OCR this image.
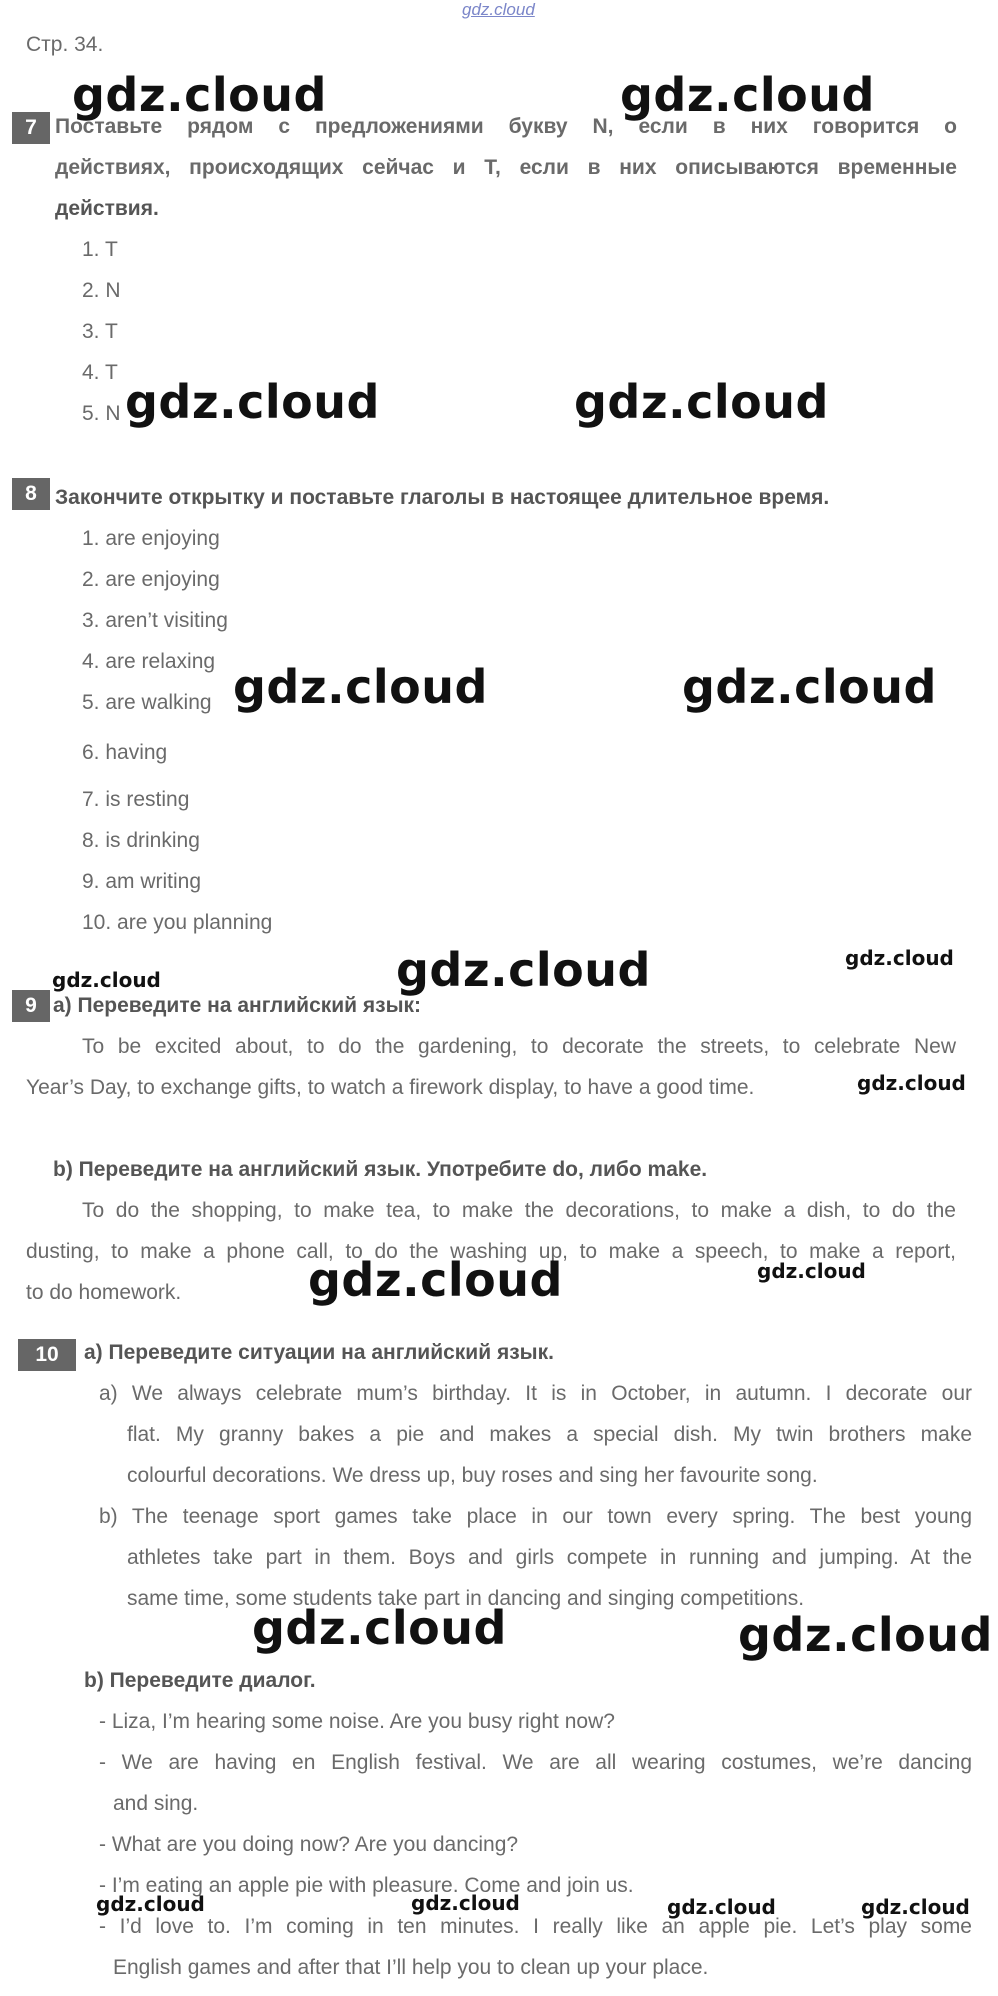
gdz.cloud
Стр. 34.
7 Поставьте рядом с предложениями букву N, если в них говорится о
действиях, происходящих сейчас и Т, если в них описываются временные
действия.
1. T
2. N
3. T
4. T
5. N
8 Закончите открытку и поставьте глаголы в настоящее длительное время.
1. are enjoying
2. are enjoying
3. aren’t visiting
4. are relaxing
5. are walking
6. having
7. is resting
8. is drinking
9. am writing
10. are you planning
9 a) Переведите на английский язык:
To be excited about, to do the gardening, to decorate the streets, to celebrate New
Year’s Day, to exchange gifts, to watch a firework display, to have a good time.
b) Переведите на английский язык. Употребите do, либо make.
To do the shopping, to make tea, to make the decorations, to make a dish, to do the
dusting, to make a phone call, to do the washing up, to make a speech, to make a report,
to do homework.
10	a) Переведите ситуации на английский язык.
a) We always celebrate mum’s birthday. It is in October, in autumn. I decorate our
flat. My granny bakes a pie and makes a special dish. My twin brothers make
colourful decorations. We dress up, buy roses and sing her favourite song.
b) The teenage sport games take place in our town every spring. The best young
athletes take part in them. Boys and girls compete in running and jumping. At the
same time, some students take part in dancing and singing competitions.
b) Переведите диалог.
- Liza, I’m hearing some noise. Are you busy right now?
- We are having en English festival. We are all wearing costumes, we’re dancing
and sing.
- What are you doing now? Are you dancing?
- I’m eating an apple pie with pleasure. Come and join us.
- I’d love to. I’m coming in ten minutes. I really like an apple pie. Let’s play some
English games and after that I’ll help you to clean up your place.
gdz.cloud	gdz.cloud
gdz.cloud	gdz.cloud
gdz.cloud	gdz.cloud
gdz.cloud	gdz.cloud	gdz.cloud
gdz.cloud
gdz.cloud	gdz.cloud
gdz.cloud	gdz.cloud
gdz.cloud	gdz.cloud	gdz.cloud	gdz.cloud
